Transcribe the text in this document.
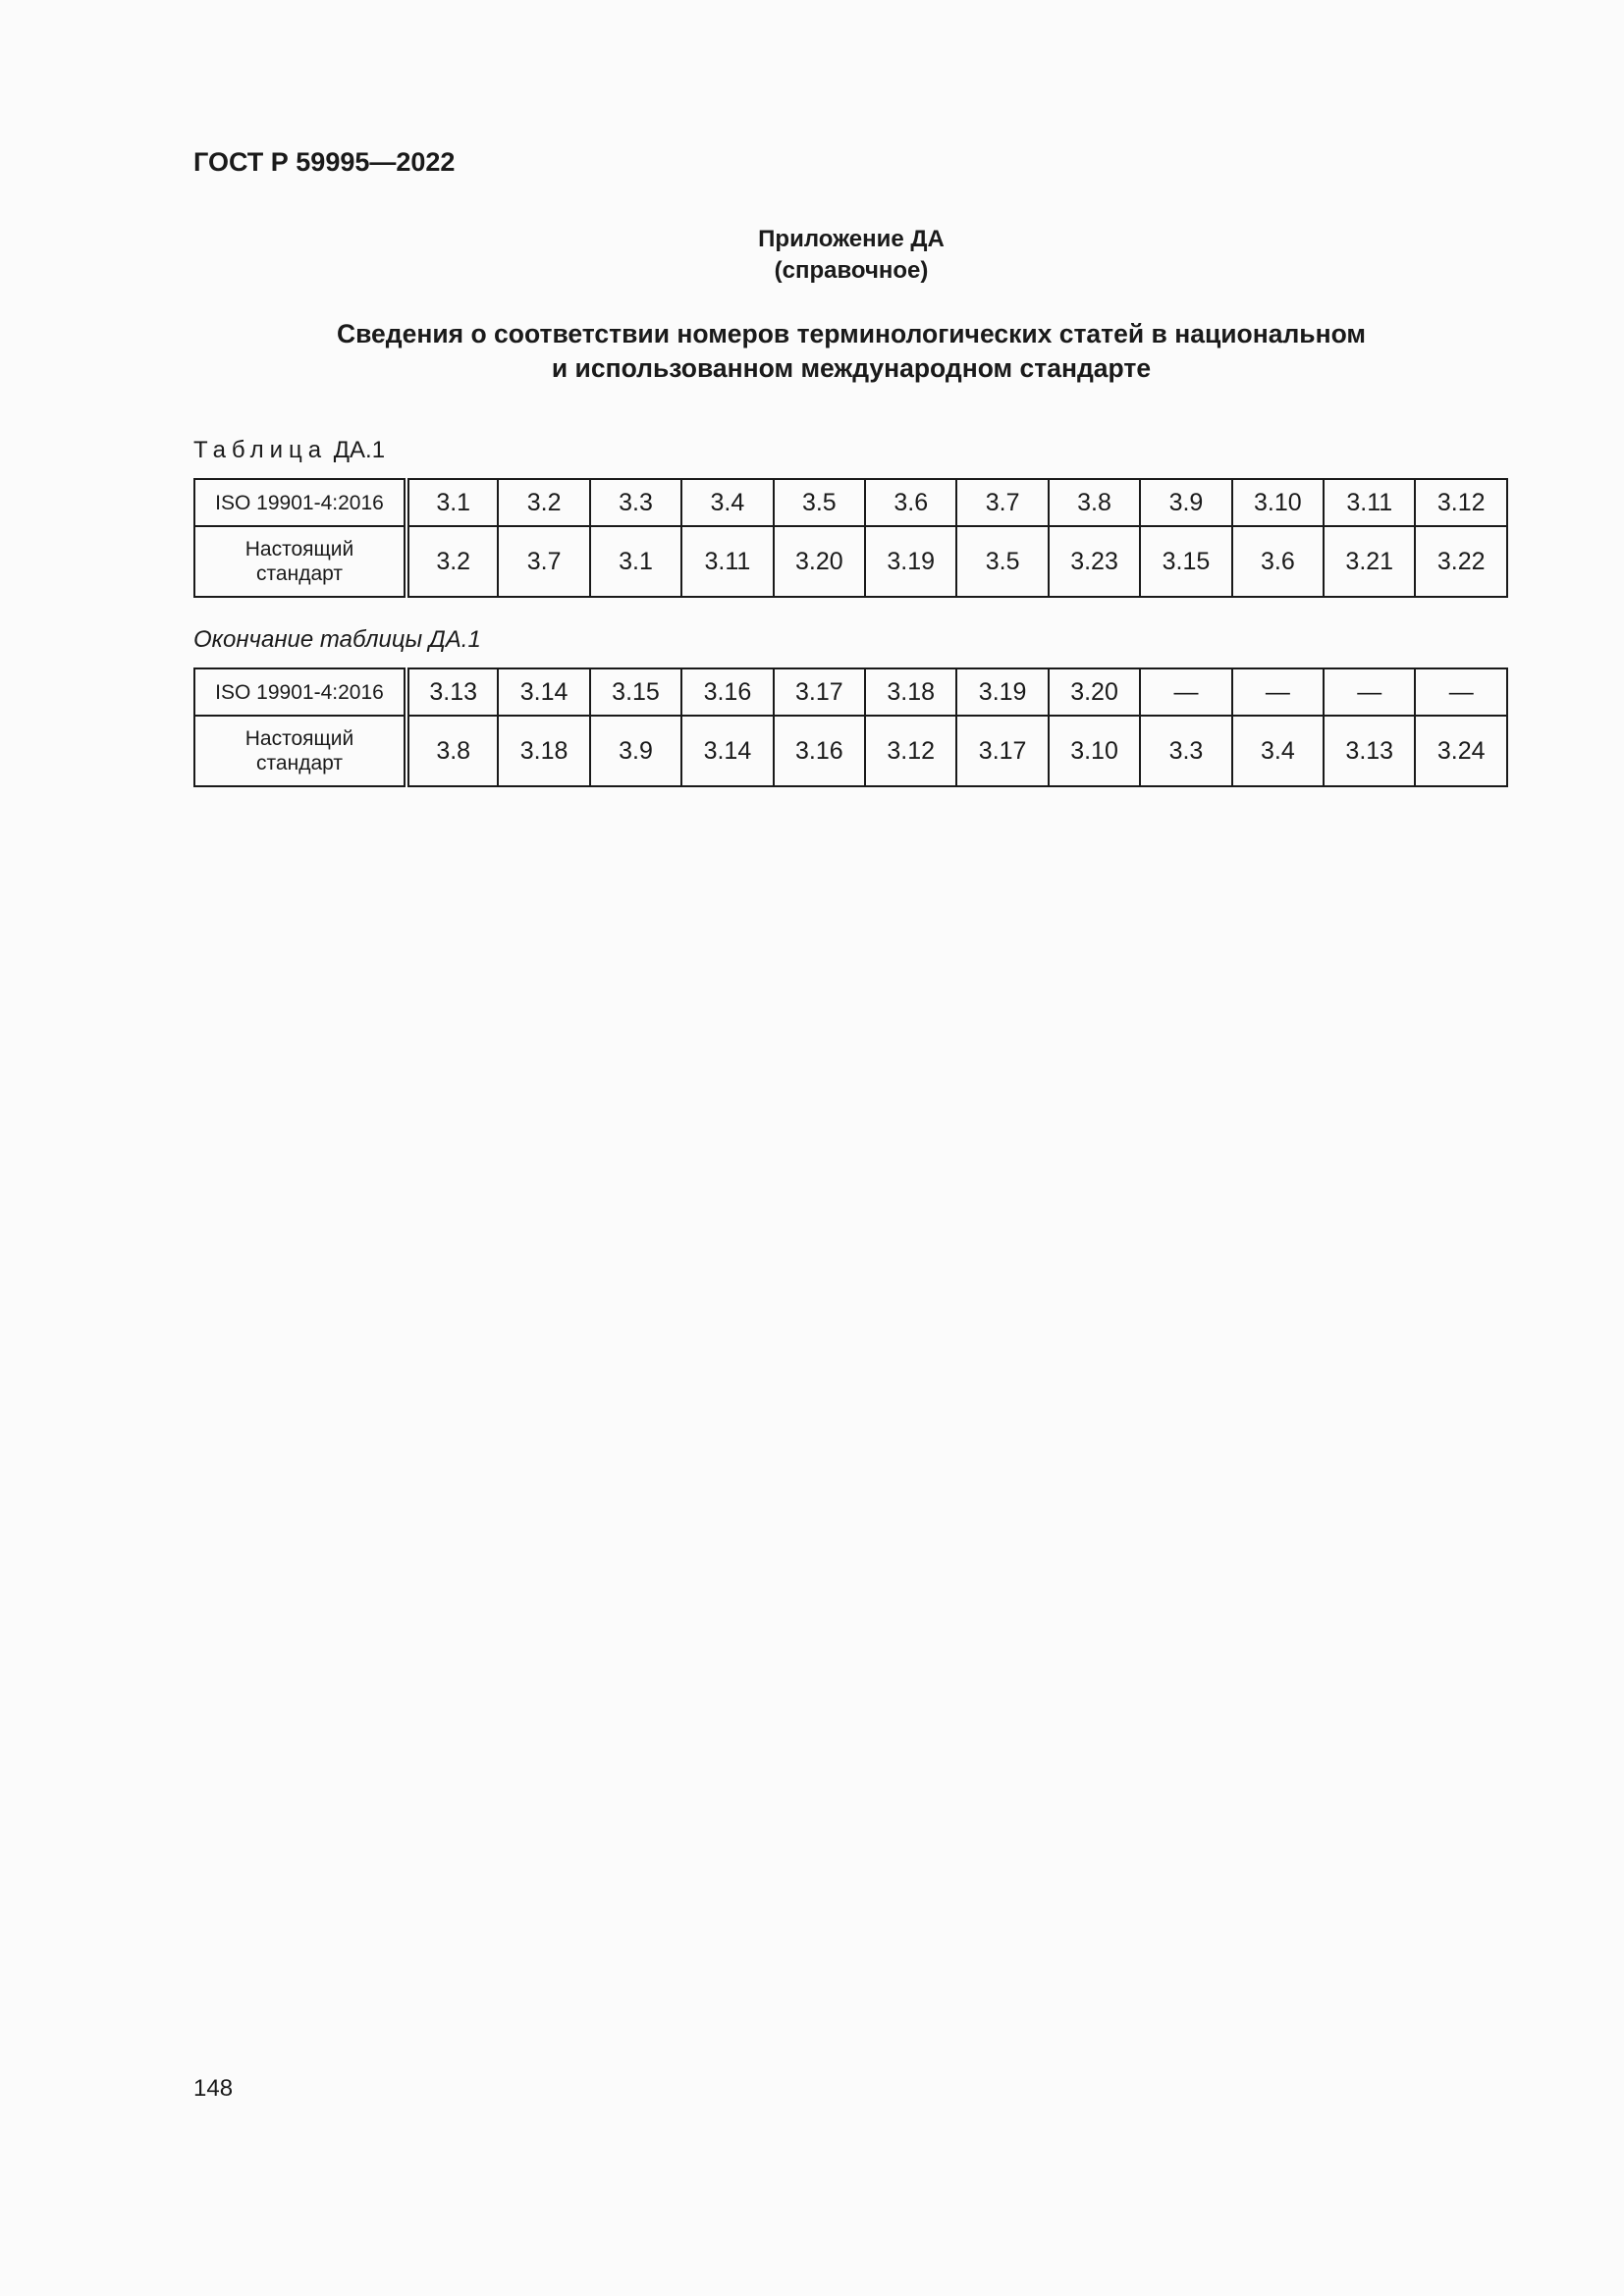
ГОСТ Р 59995—2022
Приложение ДА
(справочное)
Сведения о соответствии номеров терминологических статей в национальном
и использованном международном стандарте
Таблица ДА.1
ISO 19901-4:2016	3.1	3.2	3.3	3.4	3.5	3.6	3.7	3.8	3.9	3.10	3.11	3.12

Настоящий
стандарт	3.2	3.7	3.1	3.11	3.20	3.19	3.5	3.23	3.15	3.6	3.21	3.22
Окончание таблицы ДА.1
ISO 19901-4:2016	3.13	3.14	3.15	3.16	3.17	3.18	3.19	3.20	—	—	—	—

Настоящий
стандарт	3.8	3.18	3.9	3.14	3.16	3.12	3.17	3.10	3.3	3.4	3.13	3.24
148
